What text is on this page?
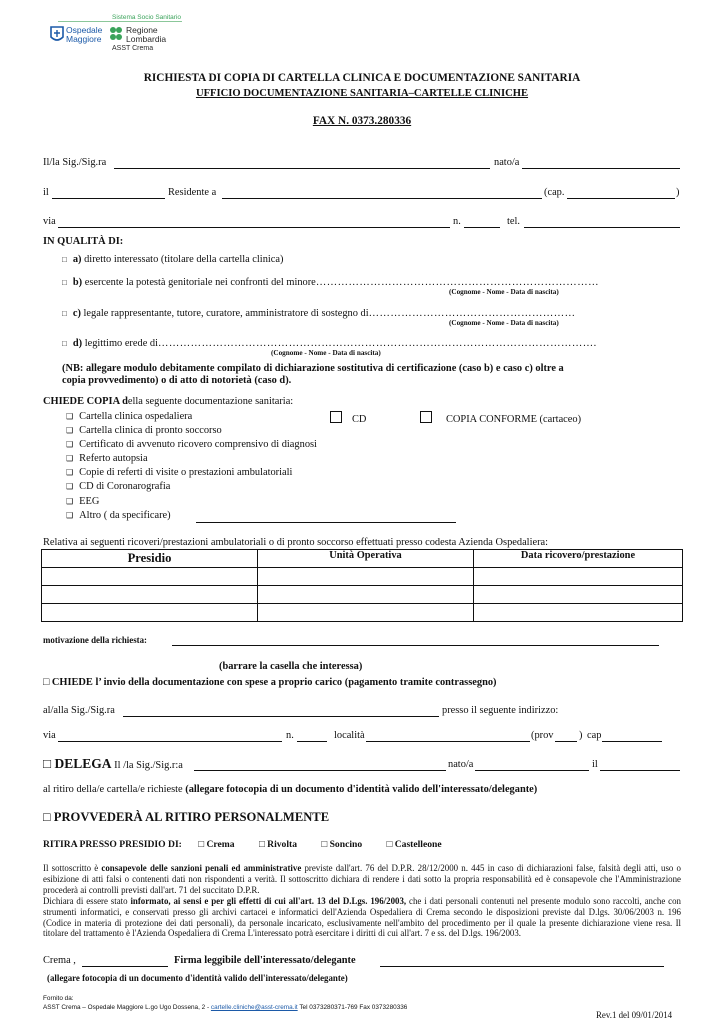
Sistema Socio Sanitario
Ospedale
Maggiore
Regione
Lombardia
ASST Crema
RICHIESTA DI COPIA DI CARTELLA CLINICA E DOCUMENTAZIONE SANITARIA
UFFICIO DOCUMENTAZIONE SANITARIA–CARTELLE CLINICHE
FAX N. 0373.280336
Il/la Sig./Sig.ra	nato/a
il	Residente a	(cap.	)
via	n.	tel.
IN QUALITÀ DI:
□ a) diretto interessato (titolare della cartella clinica)
□ b) esercente la potestà genitoriale nei confronti del minore……………………………………………………………………
(Cognome - Nome - Data di nascita)
□ c) legale rappresentante, tutore, curatore, amministratore di sostegno di…………………………………………………
(Cognome - Nome - Data di nascita)
□ d) legittimo erede di………………………………………………………………………………………………………….
(Cognome - Nome - Data di nascita)
(NB: allegare modulo debitamente compilato di dichiarazione sostitutiva di certificazione (caso b) e caso c) oltre a
copia provvedimento) o di atto di notorietà (caso d).
CHIEDE COPIA della seguente documentazione sanitaria:
❑ Cartella clinica ospedaliera
❑ Cartella clinica di pronto soccorso
❑ Certificato di avvenuto ricovero comprensivo di diagnosi
❑ Referto autopsia
❑ Copie di referti di visite o prestazioni ambulatoriali
❑ CD di Coronarografia
❑ EEG
❑ Altro ( da specificare)
CD	COPIA CONFORME (cartaceo)
Relativa ai seguenti ricoveri/prestazioni ambulatoriali o di pronto soccorso effettuati presso codesta Azienda Ospedaliera:
Presidio	Unità Operativa	Data ricovero/prestazione

motivazione della richiesta:
(barrare la casella che interessa)
□ CHIEDE l’ invio della documentazione con spese a proprio carico (pagamento tramite contrassegno)
al/alla Sig./Sig.ra	presso il seguente indirizzo:
via	n.	località	(prov ) cap
□ DELEGA Il /la Sig./Sig.r:a	nato/a	il
al ritiro della/e cartella/e richieste (allegare fotocopia di un documento d'identità valido dell'interessato/delegante)
□ PROVVEDERÀ AL RITIRO PERSONALMENTE
RITIRA PRESSO PRESIDIO DI: □ Crema	□ Rivolta	□ Soncino	□ Castelleone
Il sottoscritto è consapevole delle sanzioni penali ed amministrative previste dall'art. 76 del D.P.R. 28/12/2000 n. 445 in caso di dichiarazioni false, falsità degli atti, uso o esibizione di atti falsi o contenenti dati non rispondenti a verità. Il sottoscritto dichiara di rendere i dati sotto la propria responsabilità ed è consapevole che l'Amministrazione procederà ai controlli previsti dall'art. 71 del succitato D.P.R.
Dichiara di essere stato informato, ai sensi e per gli effetti di cui all'art. 13 del D.Lgs. 196/2003, che i dati personali contenuti nel presente modulo sono raccolti, anche con strumenti informatici, e conservati presso gli archivi cartacei e informatici dell'Azienda Ospedaliera di Crema secondo le disposizioni previste dal D.lgs. 30/06/2003 n. 196 (Codice in materia di protezione dei dati personali), da personale incaricato, esclusivamente nell'ambito del procedimento per il quale la presente dichiarazione viene resa. Il titolare del trattamento è l'Azienda Ospedaliera di Crema L'interessato potrà esercitare i diritti di cui all'art. 7 e ss. del D.lgs. 196/2003.
Crema ,	Firma leggibile dell'interessato/delegante
(allegare fotocopia di un documento d'identità valido dell'interessato/delegante)
Fornito da:
ASST Crema – Ospedale Maggiore L.go Ugo Dossena, 2 - cartelle.cliniche@asst-crema.it Tel 0373280371-769 Fax 0373280336
Rev.1 del 09/01/2014
